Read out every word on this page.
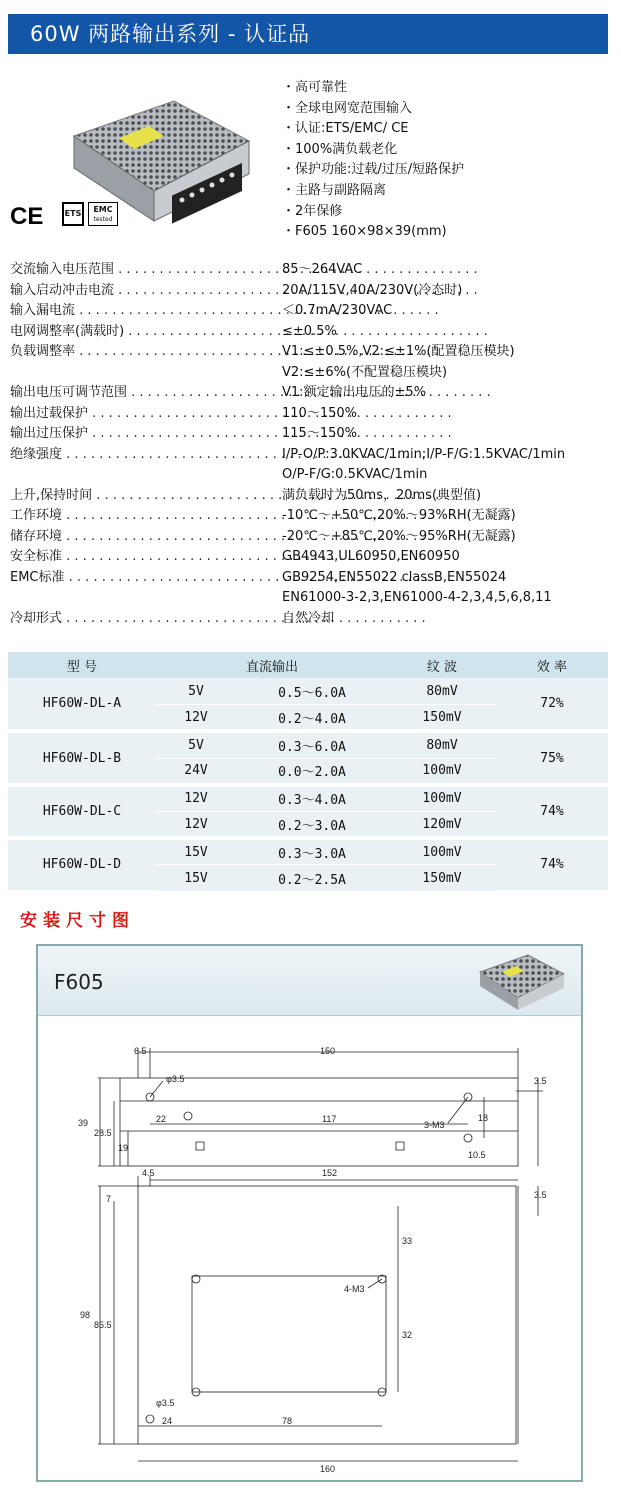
60W 两路输出系列 - 认证品
CE	ETS	EMC
tested
・ 高可靠性
・ 全球电网宽范围输入
・ 认证:ETS/EMC/ CE
・ 100%满负载老化
・ 保护功能:过载/过压/短路保护
・ 主路与副路隔离
・ 2年保修
・ F605 160×98×39(mm)
交流输入电压范围 . . .	85～264VAC
输入启动冲击电流 . . .	20A/115V,40A/230V(冷态时)
输入漏电流 . . .	＜0.7mA/230VAC
电网调整率(满载时) . . .	≤±0.5%
负载调整率 . . .	V1:≤±0.5%,V2:≤±1%(配置稳压模块)
V2:≤±6%(不配置稳压模块)
输出电压可调节范围 . . .	V1:额定输出电压的±5%
输出过载保护 . . .	110～150%
输出过压保护 . . .	115～150%
绝缘强度 . . .	I/P-O/P:3.0KVAC/1min;I/P-F/G:1.5KVAC/1min
O/P-F/G:0.5KVAC/1min
上升,保持时间 . . .	满负载时为50ms，20ms(典型值)
工作环境 . . .	-10℃～+50℃,20%～93%RH(无凝露)
储存环境 . . .	-20℃～+85℃,20%～95%RH(无凝露)
安全标准 . . .	GB4943,UL60950,EN60950
EMC标准 . . .	GB9254,EN55022 classB,EN55024
EN61000-3-2,3,EN61000-4-2,3,4,5,6,8,11
冷却形式 . . .	自然冷却
型 号	直流输出		纹 波	效 率
HF60W-DL-A	5V	0.5～6.0A	80mV	72%
	12V	0.2～4.0A	150mV	
HF60W-DL-B	5V	0.3～6.0A	80mV	75%
	24V	0.0～2.0A	100mV	
HF60W-DL-C	12V	0.3～4.0A	100mV	74%
	12V	0.2～3.0A	120mV	
HF60W-DL-D	15V	0.3～3.0A	100mV	74%
	15V	0.2～2.5A	150mV	
安装尺寸图
F605
6.5	150
3.5
φ3.5
39
28.5
19
22	117
3-M3
18
10.5
4.5	152
3.5
7
33
4-M3
98
85.5
32
24	78
φ3.5
160
